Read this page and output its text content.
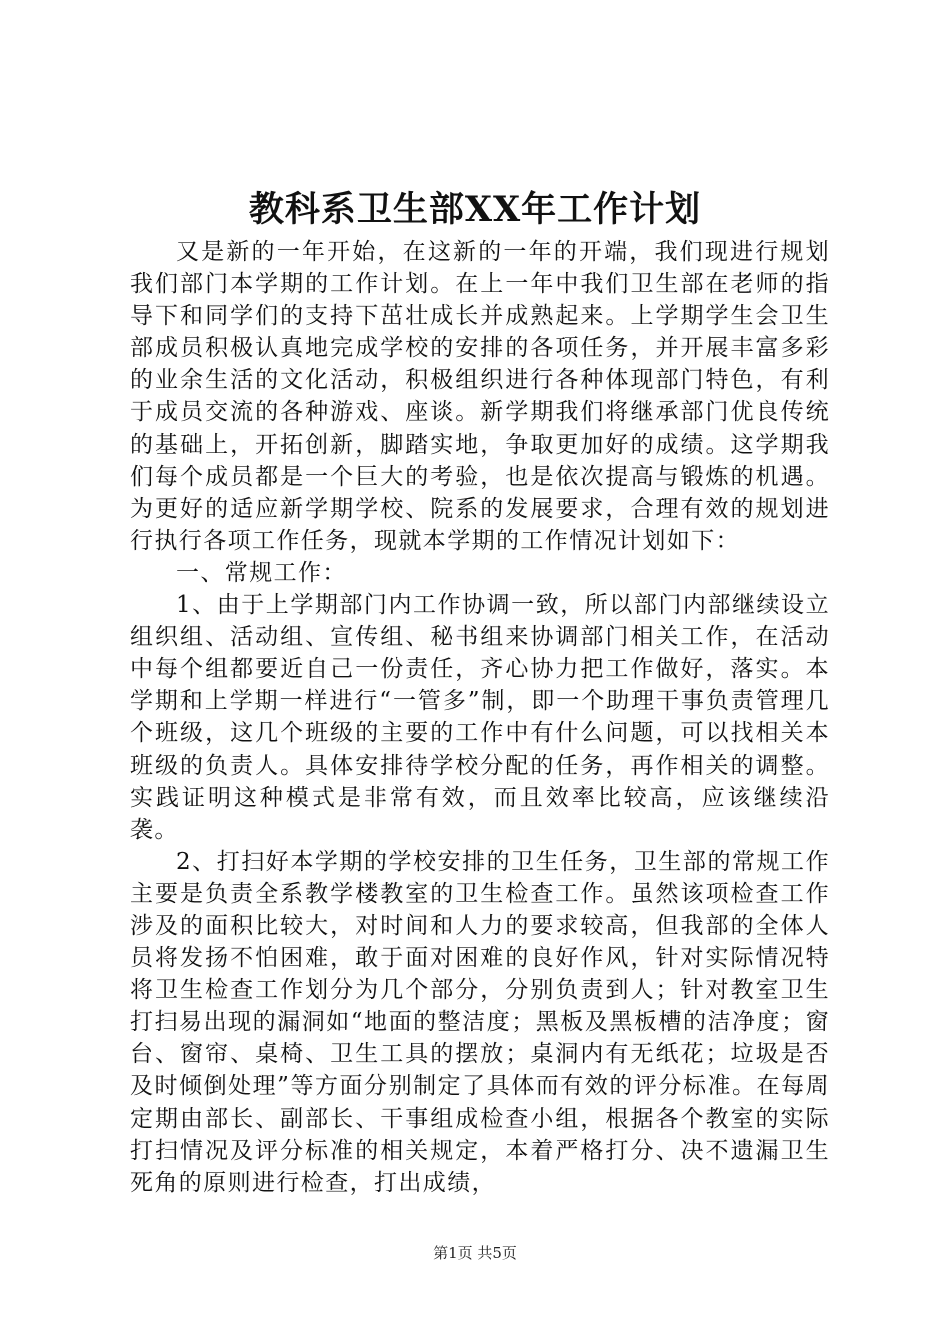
教科系卫生部XX年工作计划

又是新的一年开始，在这新的一年的开端，我们现进行规划我们部门本学期的工作计划。在上一年中我们卫生部在老师的指导下和同学们的支持下茁壮成长并成熟起来。上学期学生会卫生部成员积极认真地完成学校的安排的各项任务，并开展丰富多彩的业余生活的文化活动，积极组织进行各种体现部门特色，有利于成员交流的各种游戏、座谈。新学期我们将继承部门优良传统的基础上，开拓创新，脚踏实地，争取更加好的成绩。这学期我们每个成员都是一个巨大的考验，也是依次提高与锻炼的机遇。为更好的适应新学期学校、院系的发展要求，合理有效的规划进行执行各项工作任务，现就本学期的工作情况计划如下：

一、常规工作：

1、由于上学期部门内工作协调一致，所以部门内部继续设立组织组、活动组、宣传组、秘书组来协调部门相关工作，在活动中每个组都要近自己一份责任，齐心协力把工作做好，落实。本学期和上学期一样进行“一管多”制，即一个助理干事负责管理几个班级，这几个班级的主要的工作中有什么问题，可以找相关本班级的负责人。具体安排待学校分配的任务，再作相关的调整。实践证明这种模式是非常有效，而且效率比较高，应该继续沿袭。

2、打扫好本学期的学校安排的卫生任务，卫生部的常规工作主要是负责全系教学楼教室的卫生检查工作。虽然该项检查工作涉及的面积比较大，对时间和人力的要求较高，但我部的全体人员将发扬不怕困难，敢于面对困难的良好作风，针对实际情况特将卫生检查工作划分为几个部分，分别负责到人；针对教室卫生打扫易出现的漏洞如“地面的整洁度；黑板及黑板槽的洁净度；窗台、窗帘、桌椅、卫生工具的摆放；桌洞内有无纸花；垃圾是否及时倾倒处理”等方面分别制定了具体而有效的评分标准。在每周定期由部长、副部长、干事组成检查小组，根据各个教室的实际打扫情况及评分标准的相关规定，本着严格打分、决不遗漏卫生死角的原则进行检查，打出成绩，

第1页 共5页
